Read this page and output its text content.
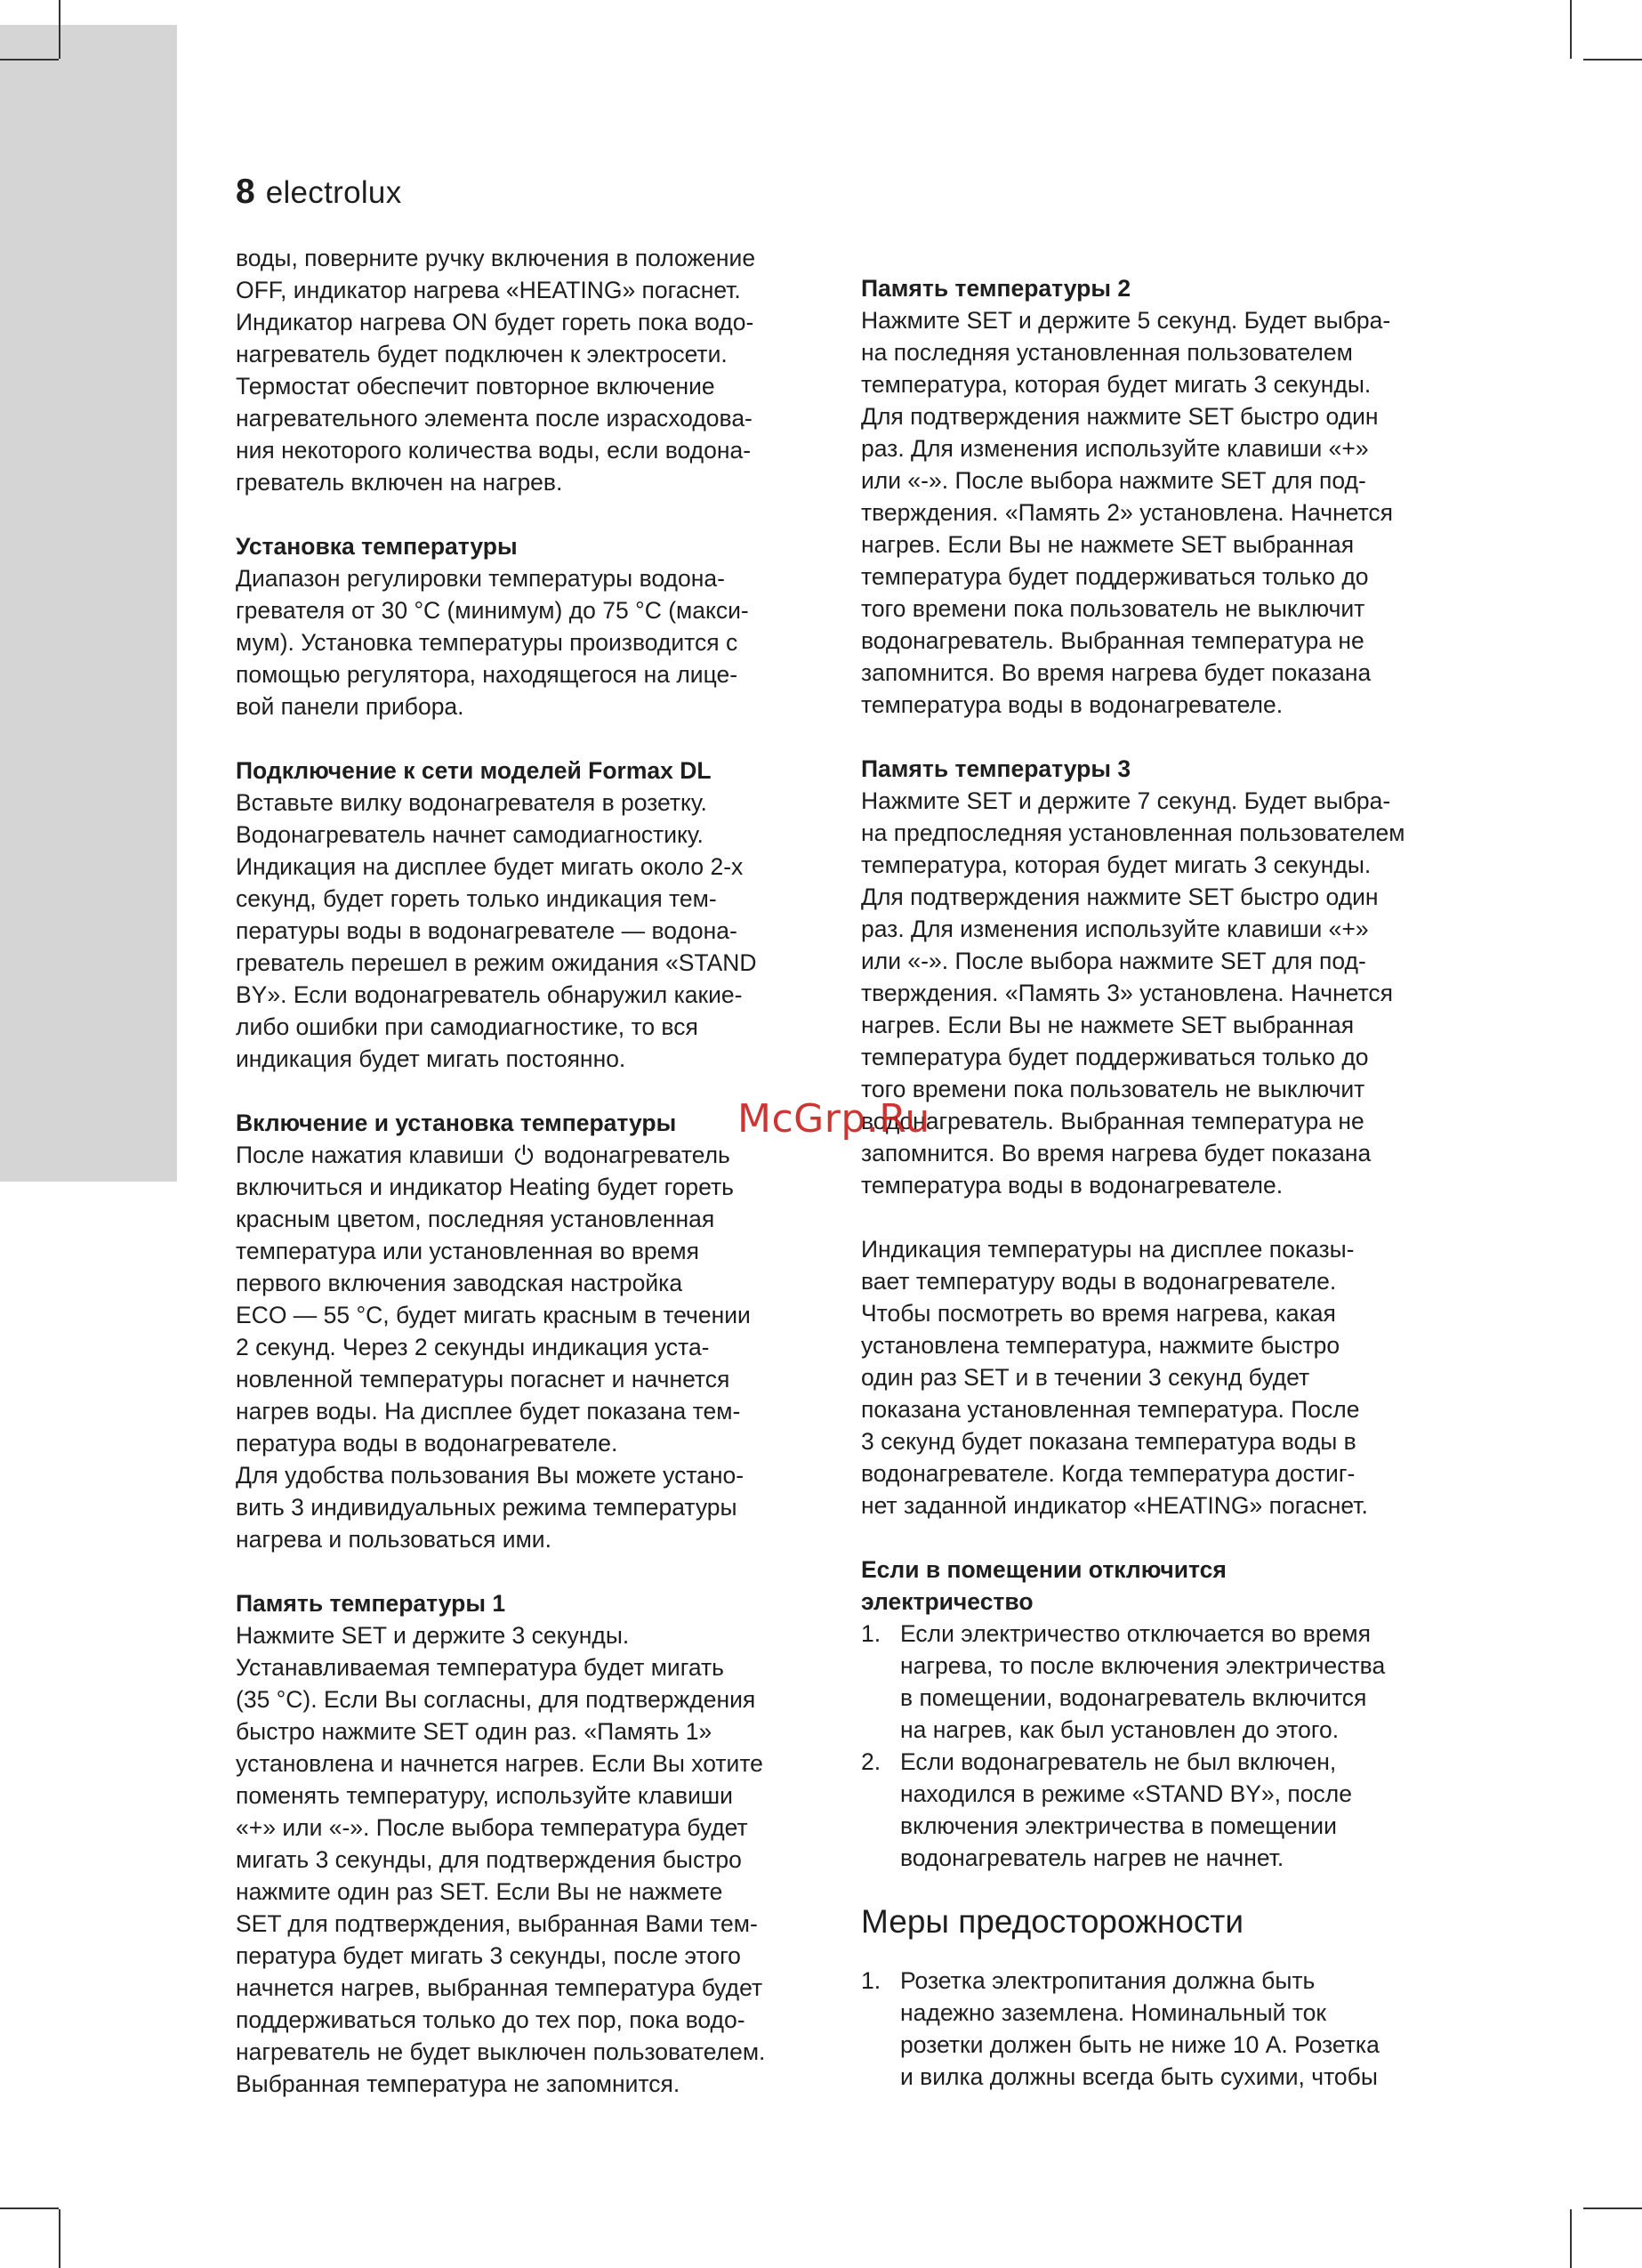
8 electrolux
воды, поверните ручку включения в положение
OFF, индикатор нагрева «HEATING» погаснет.
Индикатор нагрева ON будет гореть пока водо-
нагреватель будет подключен к электросети.
Термостат обеспечит повторное включение
нагревательного элемента после израсходова-
ния некоторого количества воды, если водона-
греватель включен на нагрев.
Установка температуры
Диапазон регулировки температуры водона-
гревателя от 30 °C (минимум) до 75 °C (макси-
мум). Установка температуры производится с
помощью регулятора, находящегося на лице-
вой панели прибора.
Подключение к сети моделей Formax DL
Вставьте вилку водонагревателя в розетку.
Водонагреватель начнет самодиагностику.
Индикация на дисплее будет мигать около 2-х
секунд, будет гореть только индикация тем-
пературы воды в водонагревателе — водона-
греватель перешел в режим ожидания «STAND
BY». Если водонагреватель обнаружил какие-
либо ошибки при самодиагностике, то вся
индикация будет мигать постоянно.
Включение и установка температуры
После нажатия клавиши водонагреватель
включиться и индикатор Heating будет гореть
красным цветом, последняя установленная
температура или установленная во время
первого включения заводская настройка
ECO — 55 °C, будет мигать красным в течении
2 секунд. Через 2 секунды индикация уста-
новленной температуры погаснет и начнется
нагрев воды. На дисплее будет показана тем-
пература воды в водонагревателе.
Для удобства пользования Вы можете устано-
вить 3 индивидуальных режима температуры
нагрева и пользоваться ими.
Память температуры 1
Нажмите SET и держите 3 секунды.
Устанавливаемая температура будет мигать
(35 °C). Если Вы согласны, для подтверждения
быстро нажмите SET один раз. «Память 1»
установлена и начнется нагрев. Если Вы хотите
поменять температуру, используйте клавиши
«+» или «-». После выбора температура будет
мигать 3 секунды, для подтверждения быстро
нажмите один раз SET. Если Вы не нажмете
SET для подтверждения, выбранная Вами тем-
пература будет мигать 3 секунды, после этого
начнется нагрев, выбранная температура будет
поддерживаться только до тех пор, пока водо-
нагреватель не будет выключен пользователем.
Выбранная температура не запомнится.
Память температуры 2
Нажмите SET и держите 5 секунд. Будет выбра-
на последняя установленная пользователем
температура, которая будет мигать 3 секунды.
Для подтверждения нажмите SET быстро один
раз. Для изменения используйте клавиши «+»
или «-». После выбора нажмите SET для под-
тверждения. «Память 2» установлена. Начнется
нагрев. Если Вы не нажмете SET выбранная
температура будет поддерживаться только до
того времени пока пользователь не выключит
водонагреватель. Выбранная температура не
запомнится. Во время нагрева будет показана
температура воды в водонагревателе.
Память температуры 3
Нажмите SET и держите 7 секунд. Будет выбра-
на предпоследняя установленная пользователем
температура, которая будет мигать 3 секунды.
Для подтверждения нажмите SET быстро один
раз. Для изменения используйте клавиши «+»
или «-». После выбора нажмите SET для под-
тверждения. «Память 3» установлена. Начнется
нагрев. Если Вы не нажмете SET выбранная
температура будет поддерживаться только до
того времени пока пользователь не выключит
водонагреватель. Выбранная температура не
запомнится. Во время нагрева будет показана
температура воды в водонагревателе.
Индикация температуры на дисплее показы-
вает температуру воды в водонагревателе.
Чтобы посмотреть во время нагрева, какая
установлена температура, нажмите быстро
один раз SET и в течении 3 секунд будет
показана установленная температура. После
3 секунд будет показана температура воды в
водонагревателе. Когда температура достиг-
нет заданной индикатор «HEATING» погаснет.
Если в помещении отключится
электричество
1. Если электричество отключается во время
нагрева, то после включения электричества
в помещении, водонагреватель включится
на нагрев, как был установлен до этого.
2. Если водонагреватель не был включен,
находился в режиме «STAND BY», после
включения электричества в помещении
водонагреватель нагрев не начнет.
Меры предосторожности
1. Розетка электропитания должна быть
надежно заземлена. Номинальный ток
розетки должен быть не ниже 10 А. Розетка
и вилка должны всегда быть сухими, чтобы
McGrp.Ru
